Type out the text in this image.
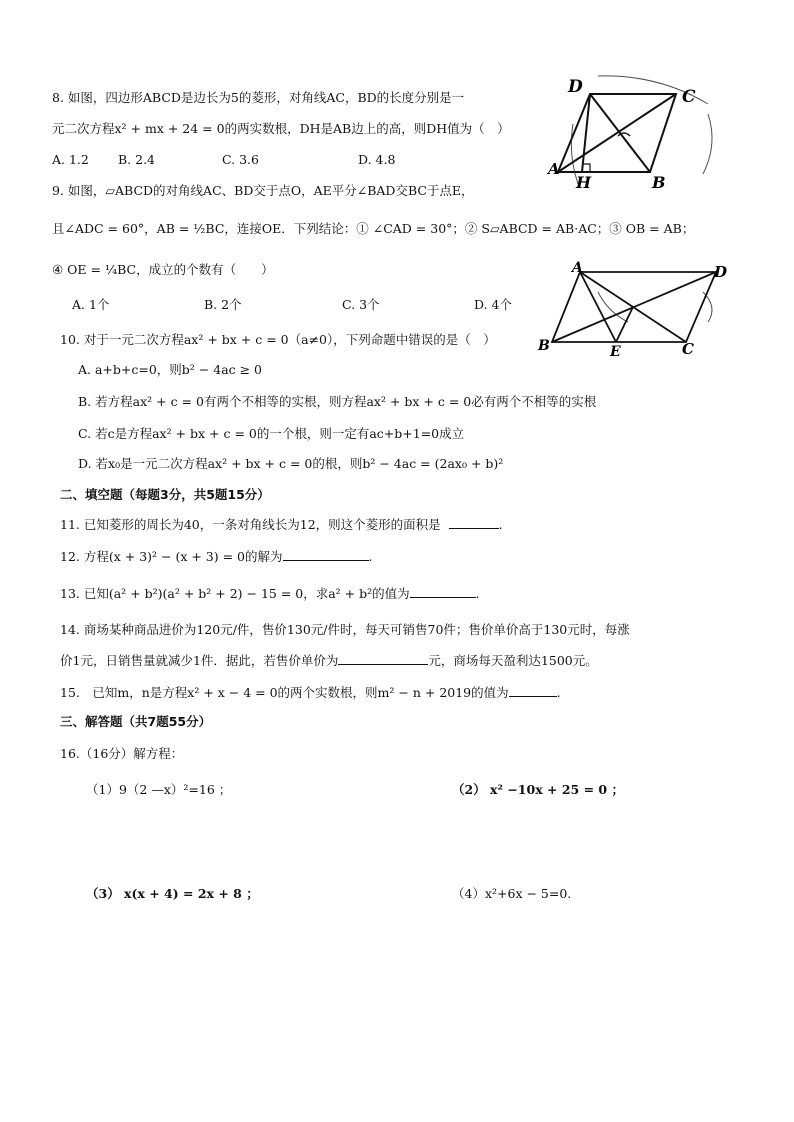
8. 如图，四边形ABCD是边长为5的菱形，对角线AC，BD的长度分别是一
元二次方程x² + mx + 24 = 0的两实数根，DH是AB边上的高，则DH值为（　）
A. 1.2 B. 2.4	C. 3.6	D. 4.8
D	C
A
H	B
9. 如图，▱ABCD的对角线AC、BD交于点O，AE平分∠BAD交BC于点E，
且∠ADC = 60°，AB = ½BC，连接OE．下列结论：① ∠CAD = 30°；② S▱ABCD = AB·AC；③ OB = AB；
④ OE = ¼BC，成立的个数有（　　）
A. 1个	B. 2个	C. 3个	D. 4个
A	D
B	E	C
10. 对于一元二次方程ax² + bx + c = 0（a≠0），下列命题中错误的是（　）
A. a+b+c=0，则b² − 4ac ≥ 0
B. 若方程ax² + c = 0有两个不相等的实根，则方程ax² + bx + c = 0必有两个不相等的实根
C. 若c是方程ax² + bx + c = 0的一个根，则一定有ac+b+1=0成立
D. 若x₀是一元二次方程ax² + bx + c = 0的根，则b² − 4ac = (2ax₀ + b)²
二、填空题（每题3分，共5题15分）
11. 已知菱形的周长为40，一条对角线长为12，则这个菱形的面积是	.
12. 方程(x + 3)² − (x + 3) = 0的解为	.
13. 已知(a² + b²)(a² + b² + 2) − 15 = 0，求a² + b²的值为	.
14. 商场某种商品进价为120元/件，售价130元/件时，每天可销售70件；售价单价高于130元时，每涨
价1元，日销售量就减少1件．据此，若售价单价为	元，商场每天盈利达1500元。
15.　已知m，n是方程x² + x − 4 = 0的两个实数根，则m² − n + 2019的值为	.
三、解答题（共7题55分）
16.（16分）解方程：
（1）9（2 —x）²=16 ；	（2） x² −10x + 25 = 0 ；
（3） x(x + 4) = 2x + 8 ；	（4）x²+6x − 5=0.
